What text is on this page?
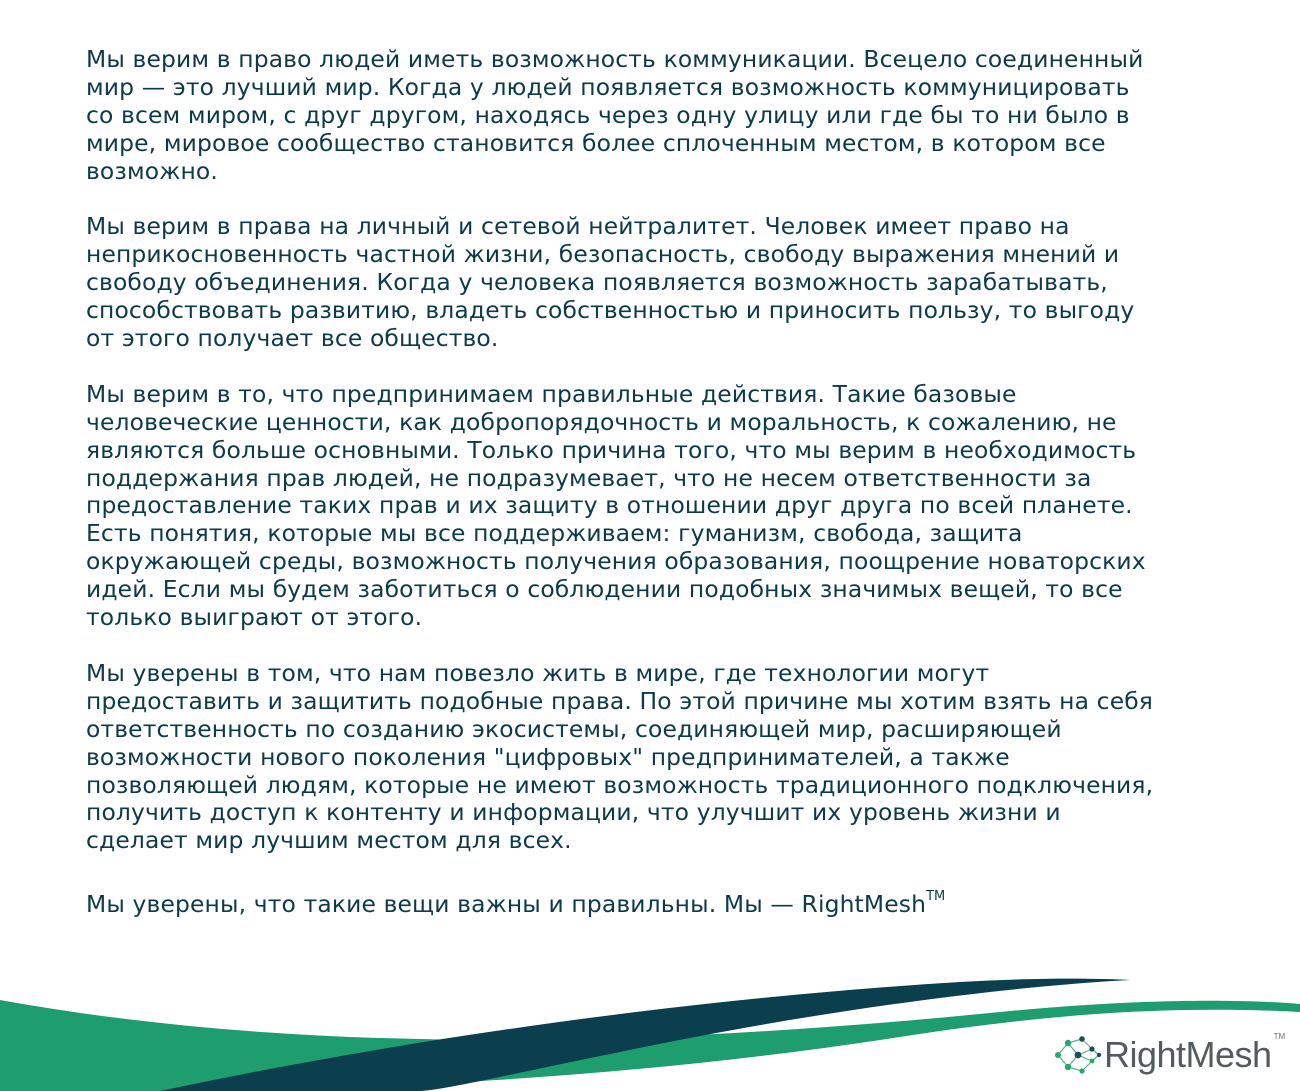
Мы верим в право людей иметь возможность коммуникации. Всецело соединенный
мир — это лучший мир. Когда у людей появляется возможность коммуницировать
со всем миром, с друг другом, находясь через одну улицу или где бы то ни было в
мире, мировое сообщество становится более сплоченным местом, в котором все
возможно.

Мы верим в права на личный и сетевой нейтралитет. Человек имеет право на
неприкосновенность частной жизни, безопасность, свободу выражения мнений и
свободу объединения. Когда у человека появляется возможность зарабатывать,
способствовать развитию, владеть собственностью и приносить пользу, то выгоду
от этого получает все общество.

Мы верим в то, что предпринимаем правильные действия. Такие базовые
человеческие ценности, как добропорядочность и моральность, к сожалению, не
являются больше основными. Только причина того, что мы верим в необходимость
поддержания прав людей, не подразумевает, что не несем ответственности за
предоставление таких прав и их защиту в отношении друг друга по всей планете.
Есть понятия, которые мы все поддерживаем: гуманизм, свобода, защита
окружающей среды, возможность получения образования, поощрение новаторских
идей. Если мы будем заботиться о соблюдении подобных значимых вещей, то все
только выиграют от этого.

Мы уверены в том, что нам повезло жить в мире, где технологии могут
предоставить и защитить подобные права. По этой причине мы хотим взять на себя
ответственность по созданию экосистемы, соединяющей мир, расширяющей
возможности нового поколения "цифровых" предпринимателей, а также
позволяющей людям, которые не имеют возможность традиционного подключения,
получить доступ к контенту и информации, что улучшит их уровень жизни и
сделает мир лучшим местом для всех.

Мы уверены, что такие вещи важны и правильны. Мы — RightMesh™

RightMesh TM
